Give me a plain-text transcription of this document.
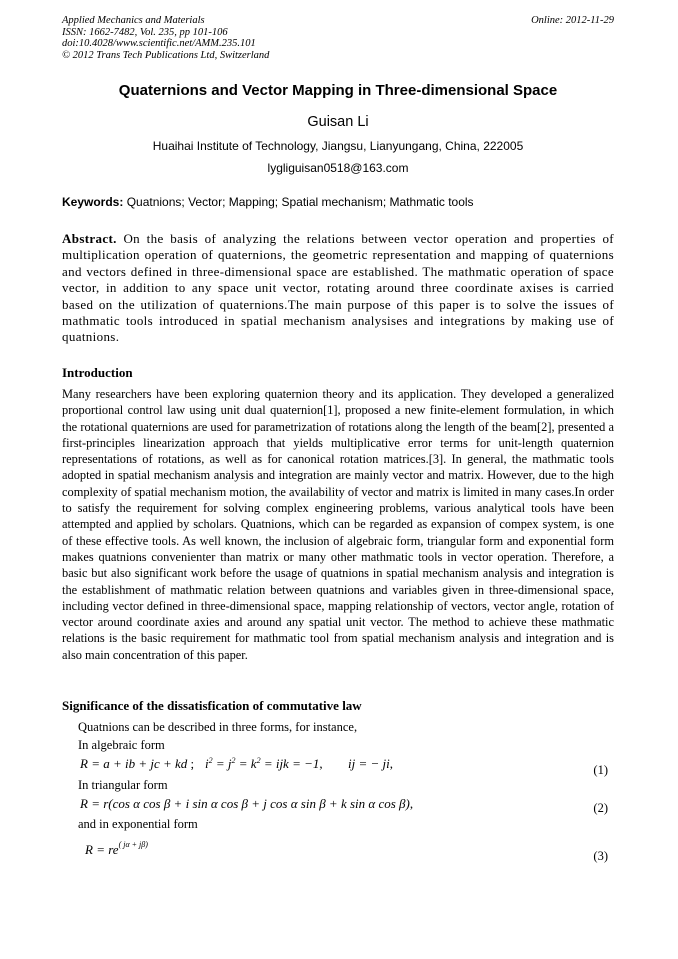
Applied Mechanics and Materials
ISSN: 1662-7482, Vol. 235, pp 101-106
doi:10.4028/www.scientific.net/AMM.235.101
© 2012 Trans Tech Publications Ltd, Switzerland
Online: 2012-11-29
Quaternions and Vector Mapping in Three-dimensional Space
Guisan Li
Huaihai Institute of Technology, Jiangsu, Lianyungang, China, 222005
lygliguisan0518@163.com
Keywords: Quatnions; Vector; Mapping; Spatial mechanism; Mathmatic tools

Abstract. On the basis of analyzing the relations between vector operation and properties of multiplication operation of quaternions, the geometric representation and mapping of quaternions and vectors defined in three-dimensional space are established. The mathmatic operation of space vector, in addition to any space unit vector, rotating around three coordinate axises is carried based on the utilization of quaternions.The main purpose of this paper is to solve the issues of mathmatic tools introduced in spatial mechanism analysises and integrations by making use of quatnions.

Introduction

Many researchers have been exploring quaternion theory and its application. They developed a generalized proportional control law using unit dual quaternion[1], proposed a new finite-element formulation, in which the rotational quaternions are used for parametrization of rotations along the length of the beam[2], presented a first-principles linearization approach that yields multiplicative error terms for unit-length quaternion representations of rotations, as well as for canonical rotation matrices.[3]. In general, the mathmatic tools adopted in spatial mechanism analysis and integration are mainly vector and matrix. However, due to the high complexity of spatial mechanism motion, the availability of vector and matrix is limited in many cases.In order to satisfy the requirement for solving complex engineering problems, various analytical tools have been attempted and applied by scholars. Quatnions, which can be regarded as expansion of compex system, is one of these effective tools. As well known, the inclusion of algebraic form, triangular form and exponential form makes quatnions convenienter than matrix or many other mathmatic tools in vector operation. Therefore, a basic but also significant work before the usage of quatnions in spatial mechanism analysis and integration is the establishment of mathmatic relation between quatnions and variables given in three-dimensional space, including vector defined in three-dimensional space, mapping relationship of vectors, vector angle, rotation of vector around coordinate axies and around any spatial unit vector. The method to achieve these mathmatic relations is the basic requirement for mathmatic tool from spatial mechanism analysis and integration and is also main concentration of this paper.

Significance of the dissatisfication of commutative law
Quatnions can be described in three forms, for instance,
In algebraic form
R = a + ib + jc + kd ; $i^2 = j^2 = k^2$ = ijk = −1, ij = − ji,	(1)
In triangular form
R = r(cos α cos β + i sin α cos β + j cos α sin β + k sin α cos β),	(2)
and in exponential form
$R = re^{( j\alpha + j\beta)}$
(3)
